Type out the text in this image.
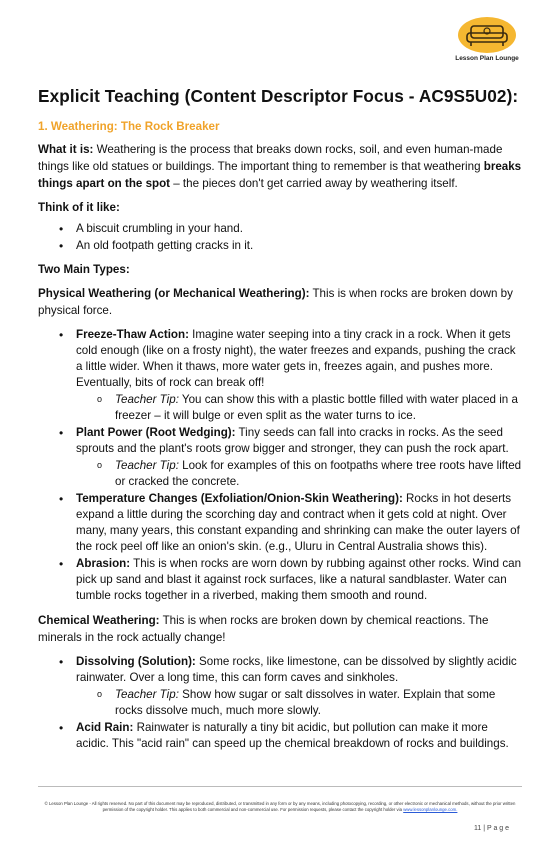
Lesson Plan Lounge
Explicit Teaching (Content Descriptor Focus - AC9S5U02):
1. Weathering: The Rock Breaker

What it is: Weathering is the process that breaks down rocks, soil, and even human-made things like old statues or buildings. The important thing to remember is that weathering breaks things apart on the spot – the pieces don't get carried away by weathering itself.

Think of it like:

• A biscuit crumbling in your hand.
• An old footpath getting cracks in it.

Two Main Types:

Physical Weathering (or Mechanical Weathering): This is when rocks are broken down by physical force.

• Freeze-Thaw Action: Imagine water seeping into a tiny crack in a rock. When it gets cold enough (like on a frosty night), the water freezes and expands, pushing the crack a little wider. When it thaws, more water gets in, freezes again, and pushes more. Eventually, bits of rock can break off!
o Teacher Tip: You can show this with a plastic bottle filled with water placed in a freezer – it will bulge or even split as the water turns to ice.
• Plant Power (Root Wedging): Tiny seeds can fall into cracks in rocks. As the seed sprouts and the plant's roots grow bigger and stronger, they can push the rock apart.
o Teacher Tip: Look for examples of this on footpaths where tree roots have lifted or cracked the concrete.
• Temperature Changes (Exfoliation/Onion-Skin Weathering): Rocks in hot deserts expand a little during the scorching day and contract when it gets cold at night. Over many, many years, this constant expanding and shrinking can make the outer layers of the rock peel off like an onion's skin. (e.g., Uluru in Central Australia shows this).
• Abrasion: This is when rocks are worn down by rubbing against other rocks. Wind can pick up sand and blast it against rock surfaces, like a natural sandblaster. Water can tumble rocks together in a riverbed, making them smooth and round.

Chemical Weathering: This is when rocks are broken down by chemical reactions. The minerals in the rock actually change!

• Dissolving (Solution): Some rocks, like limestone, can be dissolved by slightly acidic rainwater. Over a long time, this can form caves and sinkholes.
o Teacher Tip: Show how sugar or salt dissolves in water. Explain that some rocks dissolve much, much more slowly.
• Acid Rain: Rainwater is naturally a tiny bit acidic, but pollution can make it more acidic. This "acid rain" can speed up the chemical breakdown of rocks and buildings.
© Lesson Plan Lounge - All rights reserved. No part of this document may be reproduced, distributed, or transmitted in any form or by any means, including photocopying, recording, or other electronic or mechanical methods, without the prior written permission of the copyright holder. This applies to both commercial and non-commercial use. For permission requests, please contact the copyright holder via www.lessonplanlounge.com.
11 | P a g e
